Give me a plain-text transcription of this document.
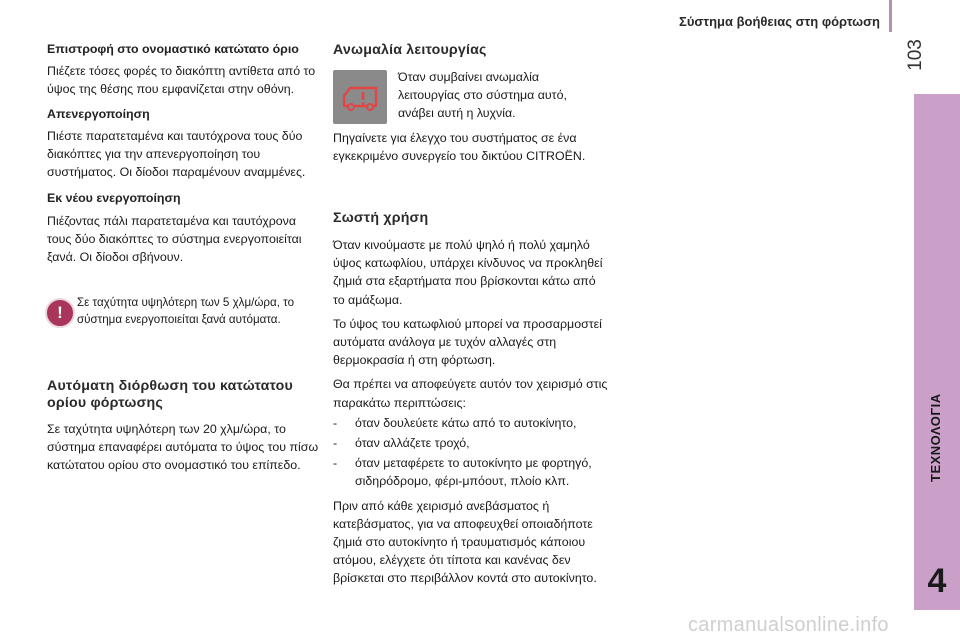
Σύστημα βοήθειας στη φόρτωση
103
ΤΕΧΝΟΛΟΓΙΑ
4
Επιστροφή στο ονομαστικό κατώτατο όριο

Πιέζετε τόσες φορές το διακόπτη αντίθετα από το ύψος της θέσης που εμφανίζεται στην οθόνη.

Απενεργοποίηση

Πιέστε παρατεταμένα και ταυτόχρονα τους δύο διακόπτες για την απενεργοποίηση του συστήματος. Οι δίοδοι παραμένουν αναμμένες.

Εκ νέου ενεργοποίηση

Πιέζοντας πάλι παρατεταμένα και ταυτόχρονα τους δύο διακόπτες το σύστημα ενεργοποιείται ξανά. Οι δίοδοι σβήνουν.

!

Σε ταχύτητα υψηλότερη των 5 χλμ/ώρα, το σύστημα ενεργοποιείται ξανά αυτόματα.

Αυτόματη διόρθωση του κατώτατου ορίου φόρτωσης

Σε ταχύτητα υψηλότερη των 20 χλμ/ώρα, το σύστημα επαναφέρει αυτόματα το ύψος του πίσω κατώτατου ορίου στο ονομαστικό του επίπεδο.

Ανωμαλία λειτουργίας

Όταν συμβαίνει ανωμαλία λειτουργίας στο σύστημα αυτό, ανάβει αυτή η λυχνία.

Πηγαίνετε για έλεγχο του συστήματος σε ένα εγκεκριμένο συνεργείο του δικτύου CITROËN.

Σωστή χρήση

Όταν κινούμαστε με πολύ ψηλό ή πολύ χαμηλό ύψος κατωφλίου, υπάρχει κίνδυνος να προκληθεί ζημιά στα εξαρτήματα που βρίσκονται κάτω από το αμάξωμα.

Το ύψος του κατωφλιού μπορεί να προσαρμοστεί αυτόματα ανάλογα με τυχόν αλλαγές στη θερμοκρασία ή στη φόρτωση.

Θα πρέπει να αποφεύγετε αυτόν τον χειρισμό στις παρακάτω περιπτώσεις:

-	όταν δουλεύετε κάτω από το αυτοκίνητο,
-	όταν αλλάζετε τροχό,
-	όταν μεταφέρετε το αυτοκίνητο με φορτηγό, σιδηρόδρομο, φέρι-μπόουτ, πλοίο κλπ.

Πριν από κάθε χειρισμό ανεβάσματος ή κατεβάσματος, για να αποφευχθεί οποιαδήποτε ζημιά στο αυτοκίνητο ή τραυματισμός κάποιου ατόμου, ελέγχετε ότι τίποτα και κανένας δεν βρίσκεται στο περιβάλλον κοντά στο αυτοκίνητο.

carmanualsonline.info
